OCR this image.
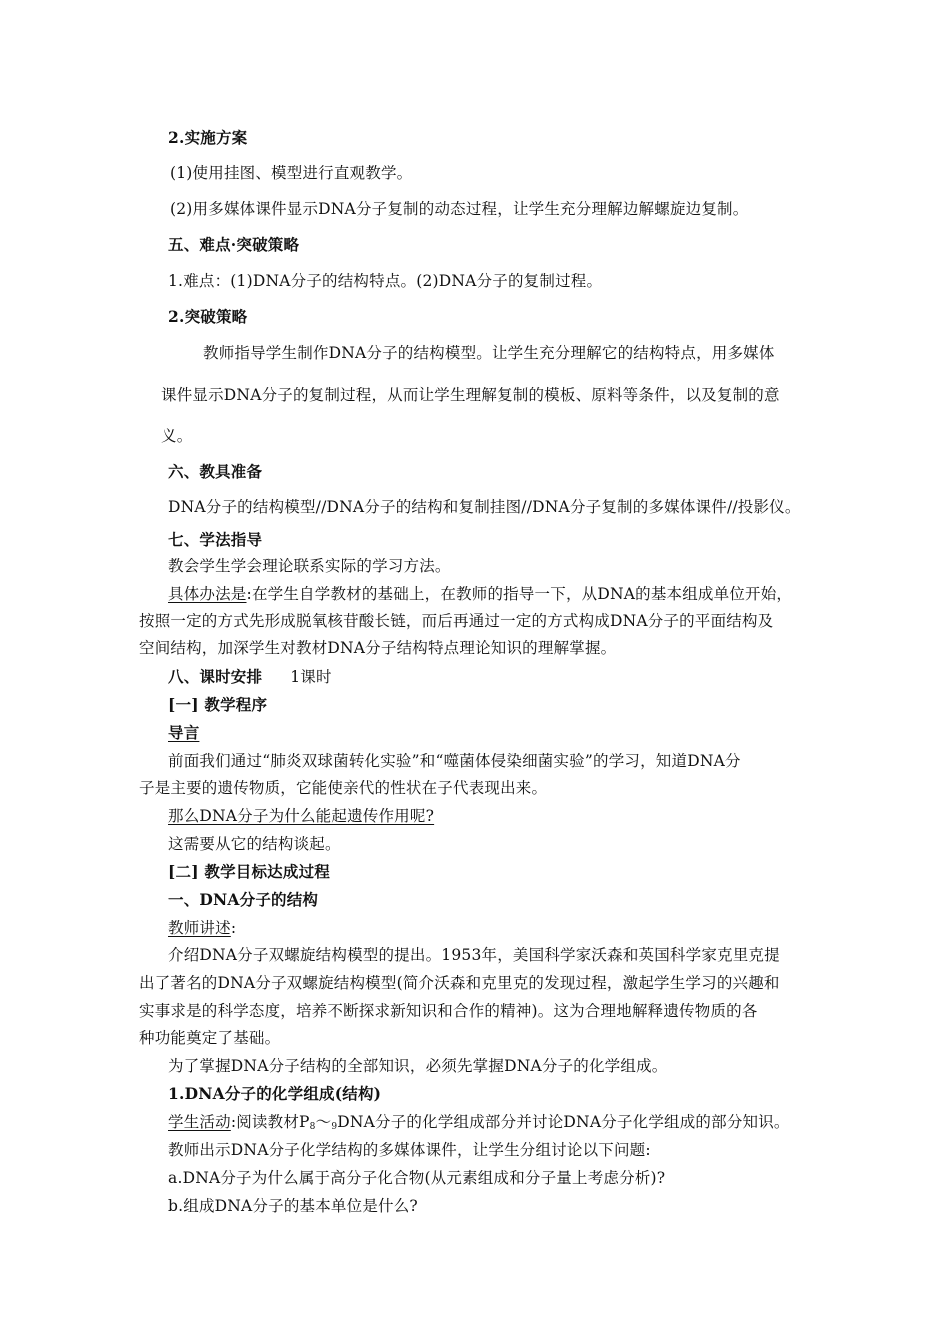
2.实施方案
(1)使用挂图、模型进行直观教学。
(2)用多媒体课件显示DNA分子复制的动态过程，让学生充分理解边解螺旋边复制。
五、难点·突破策略
1.难点：(1)DNA分子的结构特点。(2)DNA分子的复制过程。
2.突破策略
教师指导学生制作DNA分子的结构模型。让学生充分理解它的结构特点，用多媒体
课件显示DNA分子的复制过程，从而让学生理解复制的模板、原料等条件，以及复制的意
义。
六、教具准备
DNA分子的结构模型//DNA分子的结构和复制挂图//DNA分子复制的多媒体课件//投影仪。
七、学法指导
教会学生学会理论联系实际的学习方法。
具体办法是:在学生自学教材的基础上，在教师的指导一下，从DNA的基本组成单位开始，
按照一定的方式先形成脱氧核苷酸长链，而后再通过一定的方式构成DNA分子的平面结构及
空间结构，加深学生对教材DNA分子结构特点理论知识的理解掌握。
八、课时安排 1课时
[一] 教学程序
导言
前面我们通过“肺炎双球菌转化实验”和“噬菌体侵染细菌实验”的学习，知道DNA分
子是主要的遗传物质，它能使亲代的性状在子代表现出来。
那么DNA分子为什么能起遗传作用呢?
这需要从它的结构谈起。
[二] 教学目标达成过程
一、DNA分子的结构
教师讲述:
介绍DNA分子双螺旋结构模型的提出。1953年，美国科学家沃森和英国科学家克里克提
出了著名的DNA分子双螺旋结构模型(简介沃森和克里克的发现过程，激起学生学习的兴趣和
实事求是的科学态度，培养不断探求新知识和合作的精神)。这为合理地解释遗传物质的各
种功能奠定了基础。
为了掌握DNA分子结构的全部知识，必须先掌握DNA分子的化学组成。
1.DNA分子的化学组成(结构)
学生活动:阅读教材$P_8\sim_9DNA$分子的化学组成部分并讨论DNA分子化学组成的部分知识。
教师出示DNA分子化学结构的多媒体课件，让学生分组讨论以下问题:
a.DNA分子为什么属于高分子化合物(从元素组成和分子量上考虑分析)?
b.组成DNA分子的基本单位是什么?
